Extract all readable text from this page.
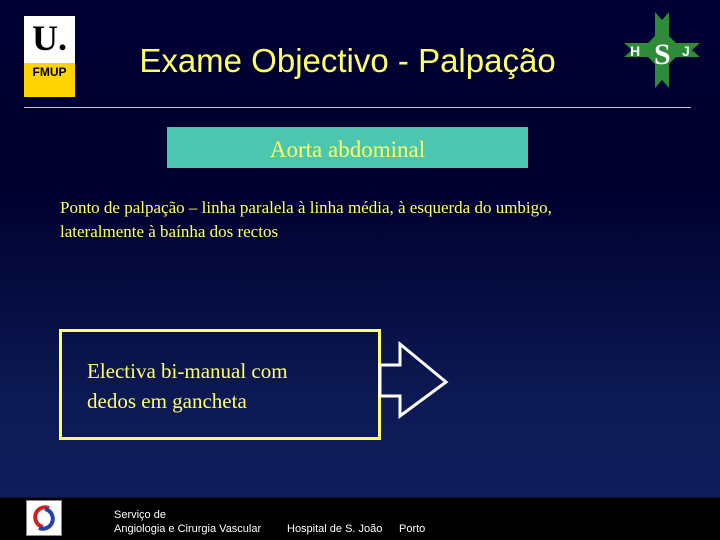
U.
FMUP	Exame Objectivo - Palpação	H S J
Aorta abdominal
Ponto de palpação – linha paralela à linha média, à esquerda do umbigo, lateralmente à baínha dos rectos
Electiva bi-manual com
dedos em gancheta
Serviço de
Angiologia e Cirurgia Vascular Hospital de S. João Porto
